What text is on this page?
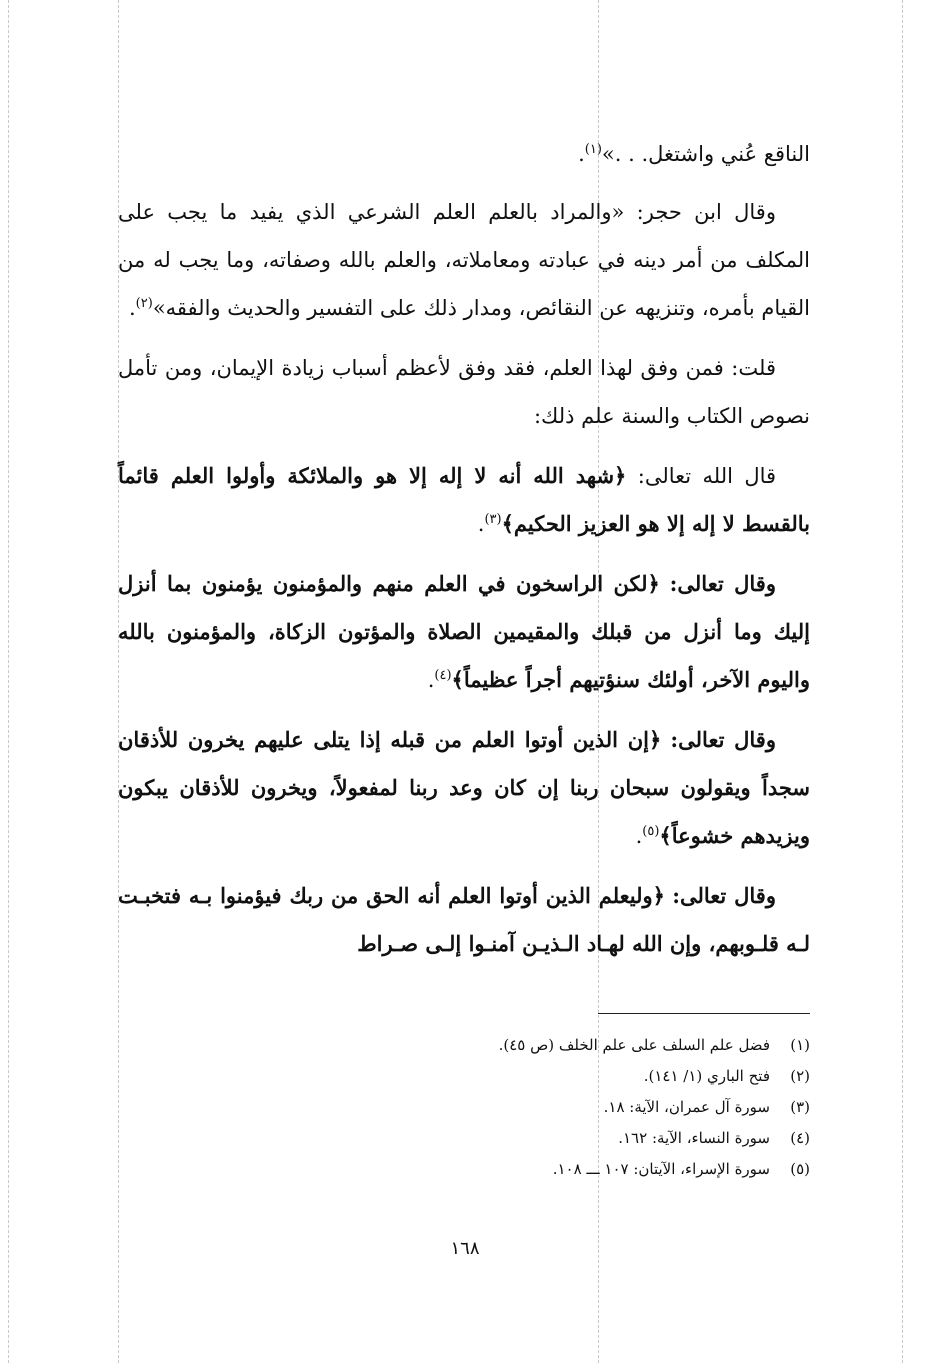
الناقع عُني واشتغل. . .»$^{(١)}$.

وقال ابن حجر: «والمراد بالعلم العلم الشرعي الذي يفيد ما يجب على المكلف من أمر دينه في عبادته ومعاملاته، والعلم بالله وصفاته، وما يجب له من القيام بأمره، وتنزيهه عن النقائص، ومدار ذلك على التفسير والحديث والفقه»$^{(٢)}$.

قلت: فمن وفق لهذا العلم، فقد وفق لأعظم أسباب زيادة الإيمان، ومن تأمل نصوص الكتاب والسنة علم ذلك:

قال الله تعالى: ﴿شهد الله أنه لا إله إلا هو والملائكة وأولوا العلم قائماً بالقسط لا إله إلا هو العزيز الحكيم﴾$^{(٣)}$.

وقال تعالى: ﴿لكن الراسخون في العلم منهم والمؤمنون يؤمنون بما أنزل إليك وما أنزل من قبلك والمقيمين الصلاة والمؤتون الزكاة، والمؤمنون بالله واليوم الآخر، أولئك سنؤتيهم أجراً عظيماً﴾$^{(٤)}$.

وقال تعالى: ﴿إن الذين أوتوا العلم من قبله إذا يتلى عليهم يخرون للأذقان سجداً ويقولون سبحان ربنا إن كان وعد ربنا لمفعولاً، ويخرون للأذقان يبكون ويزيدهم خشوعاً﴾$^{(٥)}$.

وقال تعالى: ﴿وليعلم الذين أوتوا العلم أنه الحق من ربك فيؤمنوا بـه فتخبـت لـه قلـوبهم، وإن الله لهـاد الـذيـن آمنـوا إلـى صـراط

(١)فضل علم السلف على علم الخلف (ص ٤٥).
(٢)فتح الباري (١/ ١٤١).
(٣)سورة آل عمران، الآية: ١٨.
(٤)سورة النساء، الآية: ١٦٢.
(٥)سورة الإسراء، الآيتان: ١٠٧ ـــ ١٠٨.
١٦٨
